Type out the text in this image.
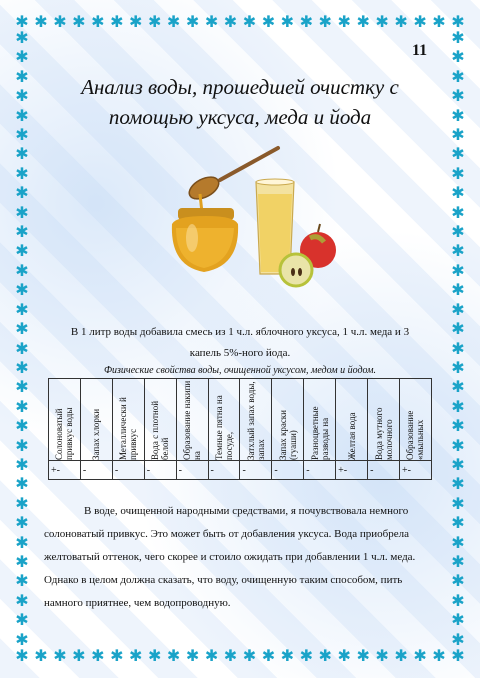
✱ ✱ ✱ ✱ ✱ ✱ ✱ ✱ ✱ ✱ ✱ ✱ ✱ ✱ ✱ ✱ ✱ ✱ ✱ ✱ ✱ ✱ ✱ ✱
✱ ✱ ✱ ✱ ✱ ✱ ✱ ✱ ✱ ✱ ✱ ✱ ✱ ✱ ✱ ✱ ✱ ✱ ✱ ✱ ✱ ✱ ✱ ✱
✱
✱
✱
✱
✱
✱
✱
✱
✱
✱
✱
✱
✱
✱
✱
✱
✱
✱
✱
✱
✱
✱
✱
✱
✱
✱
✱
✱
✱
✱
✱
✱
✱
✱
✱
✱
✱
✱
✱
✱
✱
✱
✱
✱
✱
✱
✱
✱
✱
✱
✱
✱
✱
✱
✱
✱
✱
✱
✱
✱
✱
✱
✱
✱
11
Анализ воды, прошедшей очистку с
помощью уксуса, меда и йода
В 1 литр воды добавила смесь из 1 ч.л. яблочного уксуса, 1 ч.л. меда и 3
капель 5%-ного йода.
Физические свойства воды, очищенной уксусом, медом и йодом.
Солоноватый привкус воды	Запах хлорки	Металлически й привкус	Вода с плотной белой	Образование накипи на	Темные пятна на посуде,	Затхлый запах воды, запах	Запах краски (гуаши)	Разноцветные разводы на	Желтая вода	Вода мутного молочного	Образование «мыльных

+-	-	-	-	-	-	-	-	-	+-	-	+-
В воде, очищенной народными средствами, я почувствовала немного солоноватый привкус. Это может быть от добавления уксуса. Вода приобрела желтоватый оттенок, чего скорее и стоило ожидать при добавлении 1 ч.л. меда. Однако в целом должна сказать, что воду, очищенную таким способом, пить намного приятнее, чем водопроводную.
